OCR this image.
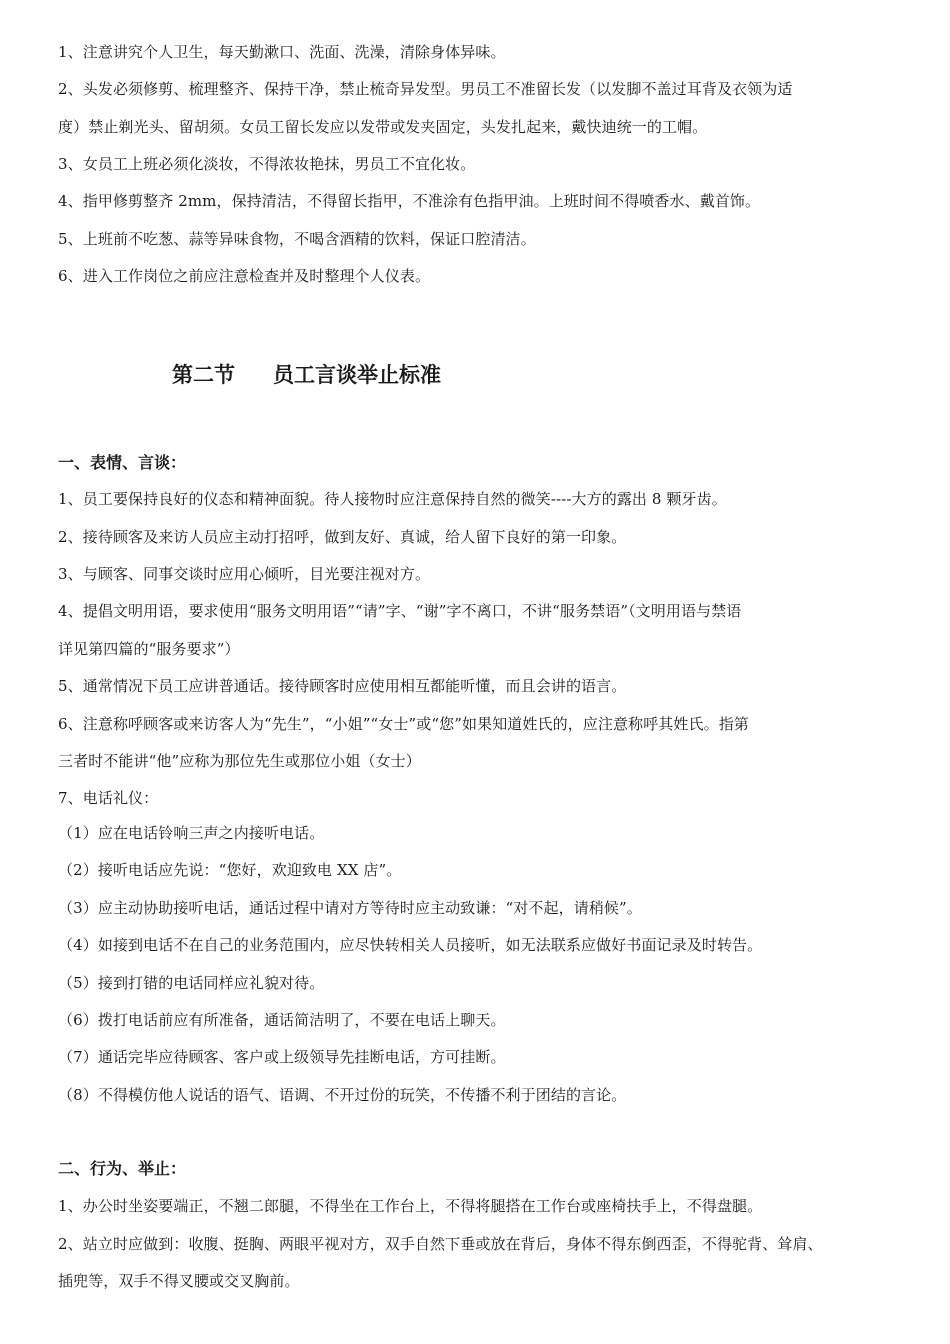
1、注意讲究个人卫生，每天勤漱口、洗面、洗澡，清除身体异味。
2、头发必须修剪、梳理整齐、保持干净，禁止梳奇异发型。男员工不准留长发（以发脚不盖过耳背及衣领为适
度）禁止剃光头、留胡须。女员工留长发应以发带或发夹固定，头发扎起来，戴快迪统一的工帽。
3、女员工上班必须化淡妆，不得浓妆艳抹，男员工不宜化妆。
4、指甲修剪整齐 2mm，保持清洁，不得留长指甲，不准涂有色指甲油。上班时间不得喷香水、戴首饰。
5、上班前不吃葱、蒜等异味食物，不喝含酒精的饮料，保证口腔清洁。
6、进入工作岗位之前应注意检查并及时整理个人仪表。
第二节 员工言谈举止标准
一、表情、言谈：
1、员工要保持良好的仪态和精神面貌。待人接物时应注意保持自然的微笑----大方的露出 8 颗牙齿。
2、接待顾客及来访人员应主动打招呼，做到友好、真诚，给人留下良好的第一印象。
3、与顾客、同事交谈时应用心倾听，目光要注视对方。
4、提倡文明用语，要求使用“服务文明用语”“请”字、“谢”字不离口，不讲“服务禁语”（文明用语与禁语
详见第四篇的“服务要求”）
5、通常情况下员工应讲普通话。接待顾客时应使用相互都能听懂，而且会讲的语言。
6、注意称呼顾客或来访客人为“先生”，“小姐”“女士”或“您”如果知道姓氏的，应注意称呼其姓氏。指第
三者时不能讲“他”应称为那位先生或那位小姐（女士）
7、电话礼仪：
（1）应在电话铃响三声之内接听电话。
（2）接听电话应先说：“您好，欢迎致电 XX 店”。
（3）应主动协助接听电话，通话过程中请对方等待时应主动致谦：“对不起，请稍候”。
（4）如接到电话不在自己的业务范围内，应尽快转相关人员接听，如无法联系应做好书面记录及时转告。
（5）接到打错的电话同样应礼貌对待。
（6）拨打电话前应有所准备，通话简洁明了，不要在电话上聊天。
（7）通话完毕应待顾客、客户或上级领导先挂断电话，方可挂断。
（8）不得模仿他人说话的语气、语调、不开过份的玩笑，不传播不利于团结的言论。
二、行为、举止：
1、办公时坐姿要端正，不翘二郎腿，不得坐在工作台上，不得将腿搭在工作台或座椅扶手上，不得盘腿。
2、站立时应做到：收腹、挺胸、两眼平视对方，双手自然下垂或放在背后，身体不得东倒西歪，不得驼背、耸肩、
插兜等，双手不得叉腰或交叉胸前。
